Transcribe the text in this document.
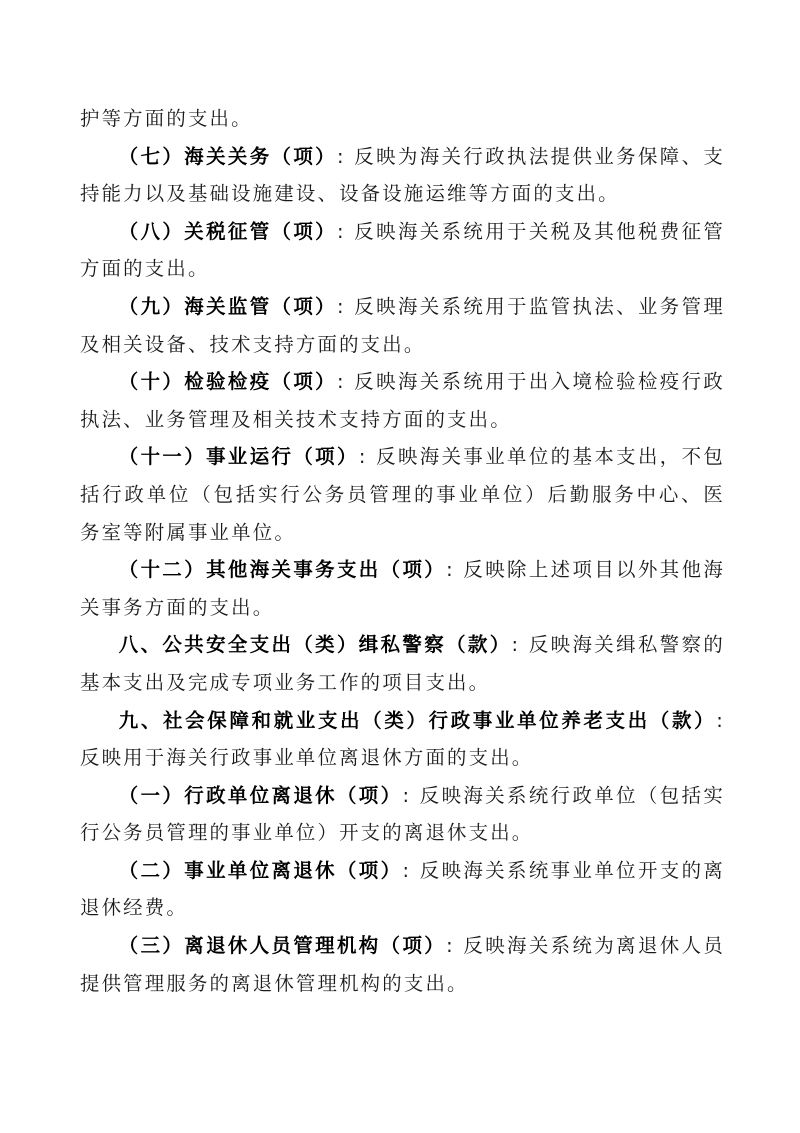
护等方面的支出。

（七）海关关务（项）: 反映为海关行政执法提供业务保障、支持能力以及基础设施建设、设备设施运维等方面的支出。

（八）关税征管（项）: 反映海关系统用于关税及其他税费征管方面的支出。

（九）海关监管（项）: 反映海关系统用于监管执法、业务管理及相关设备、技术支持方面的支出。

（十）检验检疫（项）: 反映海关系统用于出入境检验检疫行政执法、业务管理及相关技术支持方面的支出。

（十一）事业运行（项）: 反映海关事业单位的基本支出，不包括行政单位（包括实行公务员管理的事业单位）后勤服务中心、医务室等附属事业单位。

（十二）其他海关事务支出（项）: 反映除上述项目以外其他海关事务方面的支出。

八、公共安全支出（类）缉私警察（款）: 反映海关缉私警察的基本支出及完成专项业务工作的项目支出。

九、社会保障和就业支出（类）行政事业单位养老支出（款）: 反映用于海关行政事业单位离退休方面的支出。

（一）行政单位离退休（项）: 反映海关系统行政单位（包括实行公务员管理的事业单位）开支的离退休支出。

（二）事业单位离退休（项）: 反映海关系统事业单位开支的离退休经费。

（三）离退休人员管理机构（项）: 反映海关系统为离退休人员提供管理服务的离退休管理机构的支出。
